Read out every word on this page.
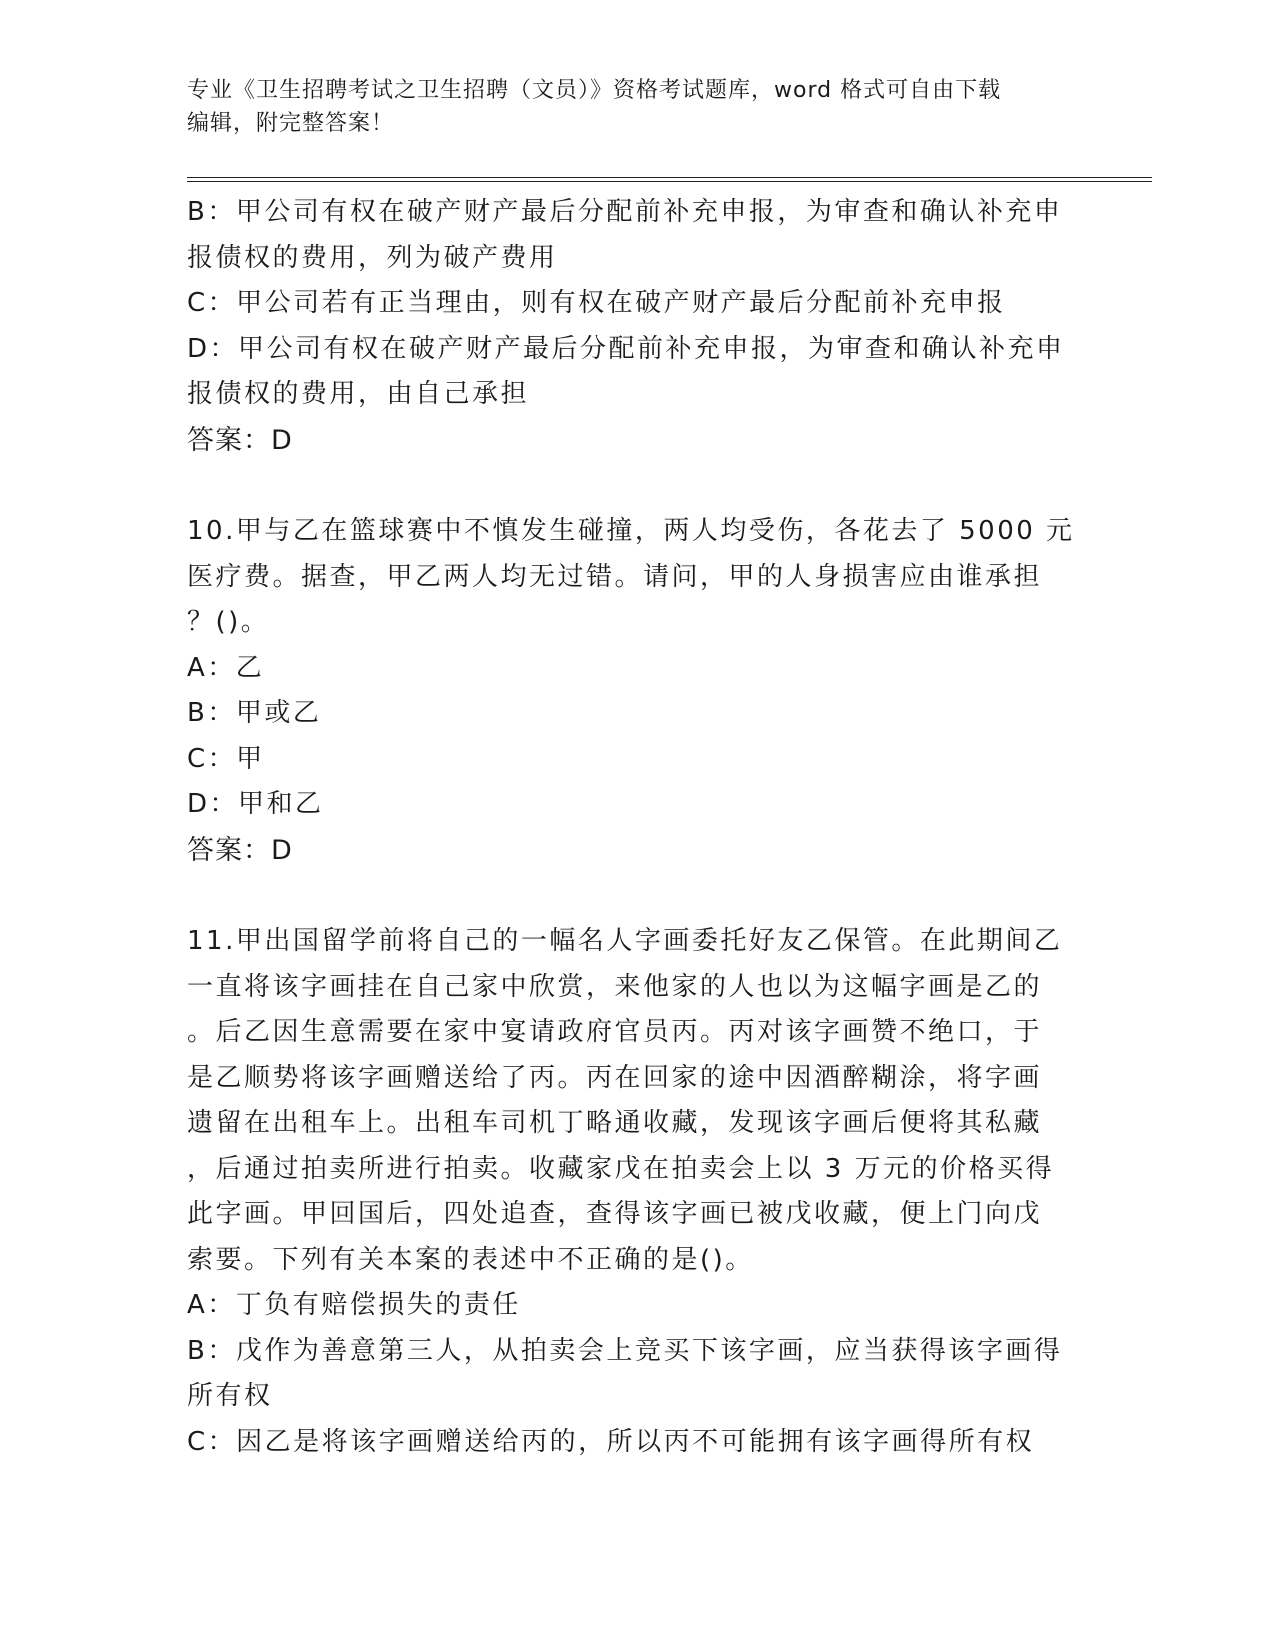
专业《卫生招聘考试之卫生招聘（文员）》资格考试题库，word 格式可自由下载
编辑，附完整答案！
B：甲公司有权在破产财产最后分配前补充申报，为审查和确认补充申
报债权的费用，列为破产费用
C：甲公司若有正当理由，则有权在破产财产最后分配前补充申报
D：甲公司有权在破产财产最后分配前补充申报，为审查和确认补充申
报债权的费用，由自己承担
答案：D
10.甲与乙在篮球赛中不慎发生碰撞，两人均受伤，各花去了 5000 元
医疗费。据查，甲乙两人均无过错。请问，甲的人身损害应由谁承担
？()。
A：乙
B：甲或乙
C：甲
D：甲和乙
答案：D
11.甲出国留学前将自己的一幅名人字画委托好友乙保管。在此期间乙
一直将该字画挂在自己家中欣赏，来他家的人也以为这幅字画是乙的
。后乙因生意需要在家中宴请政府官员丙。丙对该字画赞不绝口，于
是乙顺势将该字画赠送给了丙。丙在回家的途中因酒醉糊涂，将字画
遗留在出租车上。出租车司机丁略通收藏，发现该字画后便将其私藏
，后通过拍卖所进行拍卖。收藏家戊在拍卖会上以 3 万元的价格买得
此字画。甲回国后，四处追查，查得该字画已被戊收藏，便上门向戊
索要。下列有关本案的表述中不正确的是()。
A：丁负有赔偿损失的责任
B：戊作为善意第三人，从拍卖会上竞买下该字画，应当获得该字画得
所有权
C：因乙是将该字画赠送给丙的，所以丙不可能拥有该字画得所有权
